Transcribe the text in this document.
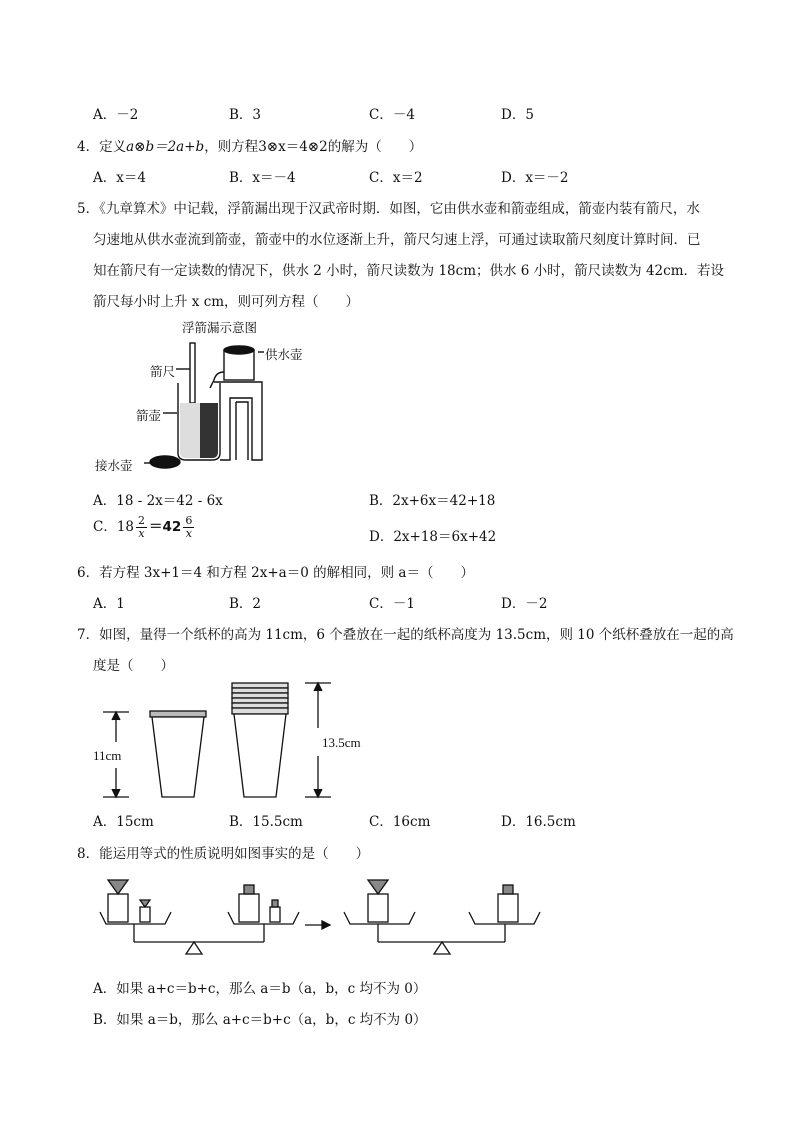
A．－2	B．3	C．－4	D．5
4．定义a⊗b＝2a+b，则方程3⊗x＝4⊗2的解为（　　）
A．x＝4	B．x＝－4	C．x＝2	D．x＝－2
5．《九章算术》中记载，浮箭漏出现于汉武帝时期．如图，它由供水壶和箭壶组成，箭壶内装有箭尺，水
匀速地从供水壶流到箭壶，箭壶中的水位逐渐上升，箭尺匀速上浮，可通过读取箭尺刻度计算时间．已
知在箭尺有一定读数的情况下，供水 2 小时，箭尺读数为 18cm；供水 6 小时，箭尺读数为 42cm．若设
箭尺每小时上升 x cm，则可列方程（　　）
浮箭漏示意图
箭尺
供水壶
箭壶
接水壶
A．18 - 2x＝42 - 6x	B．2x+6x＝42+18
C．$18 \frac{2}{x} =42 \frac{6}{x}$	D．2x+18＝6x+42
6．若方程 3x+1＝4 和方程 2x+a＝0 的解相同，则 a＝（　　）
A．1	B．2	C．－1	D．－2
7．如图，量得一个纸杯的高为 11cm，6 个叠放在一起的纸杯高度为 13.5cm，则 10 个纸杯叠放在一起的高
度是（　　）
11cm
13.5cm
A．15cm	B．15.5cm	C．16cm	D．16.5cm
8．能运用等式的性质说明如图事实的是（　　）
A．如果 a+c＝b+c，那么 a＝b（a，b，c 均不为 0）
B．如果 a＝b，那么 a+c＝b+c（a，b，c 均不为 0）
